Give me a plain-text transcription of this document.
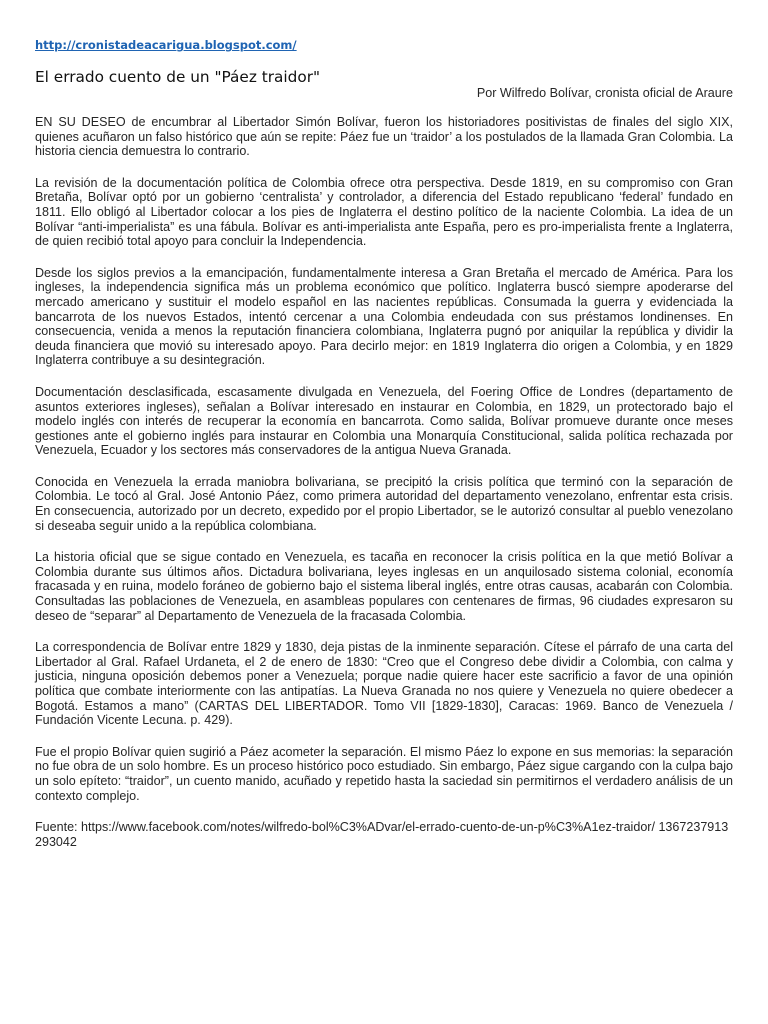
http://cronistadeacarigua.blogspot.com/
El errado cuento de un "Páez traidor"
Por Wilfredo Bolívar, cronista oficial de Araure

EN SU DESEO de encumbrar al Libertador Simón Bolívar, fueron los historiadores positivistas de finales del siglo XIX, quienes acuñaron un falso histórico que aún se repite: Páez fue un ‘traidor’ a los postulados de la llamada Gran Colombia. La historia ciencia demuestra lo contrario.

La revisión de la documentación política de Colombia ofrece otra perspectiva. Desde 1819, en su compromiso con Gran Bretaña, Bolívar optó por un gobierno ‘centralista’ y controlador, a diferencia del Estado republicano ‘federal’ fundado en 1811. Ello obligó al Libertador colocar a los pies de Inglaterra el destino político de la naciente Colombia. La idea de un Bolívar “anti-imperialista” es una fábula. Bolívar es anti-imperialista ante España, pero es pro-imperialista frente a Inglaterra, de quien recibió total apoyo para concluir la Independencia.

Desde los siglos previos a la emancipación, fundamentalmente interesa a Gran Bretaña el mercado de América. Para los ingleses, la independencia significa más un problema económico que político. Inglaterra buscó siempre apoderarse del mercado americano y sustituir el modelo español en las nacientes repúblicas. Consumada la guerra y evidenciada la bancarrota de los nuevos Estados, intentó cercenar a una Colombia endeudada con sus préstamos londinenses. En consecuencia, venida a menos la reputación financiera colombiana, Inglaterra pugnó por aniquilar la república y dividir la deuda financiera que movió su interesado apoyo. Para decirlo mejor: en 1819 Inglaterra dio origen a Colombia, y en 1829 Inglaterra contribuye a su desintegración.

Documentación desclasificada, escasamente divulgada en Venezuela, del Foering Office de Londres (departamento de asuntos exteriores ingleses), señalan a Bolívar interesado en instaurar en Colombia, en 1829, un protectorado bajo el modelo inglés con interés de recuperar la economía en bancarrota. Como salida, Bolívar promueve durante once meses gestiones ante el gobierno inglés para instaurar en Colombia una Monarquía Constitucional, salida política rechazada por Venezuela, Ecuador y los sectores más conservadores de la antigua Nueva Granada.

Conocida en Venezuela la errada maniobra bolivariana, se precipitó la crisis política que terminó con la separación de Colombia. Le tocó al Gral. José Antonio Páez, como primera autoridad del departamento venezolano, enfrentar esta crisis. En consecuencia, autorizado por un decreto, expedido por el propio Libertador, se le autorizó consultar al pueblo venezolano si deseaba seguir unido a la república colombiana.

La historia oficial que se sigue contado en Venezuela, es tacaña en reconocer la crisis política en la que metió Bolívar a Colombia durante sus últimos años. Dictadura bolivariana, leyes inglesas en un anquilosado sistema colonial, economía fracasada y en ruina, modelo foráneo de gobierno bajo el sistema liberal inglés, entre otras causas, acabarán con Colombia. Consultadas las poblaciones de Venezuela, en asambleas populares con centenares de firmas, 96 ciudades expresaron su deseo de “separar” al Departamento de Venezuela de la fracasada Colombia.

La correspondencia de Bolívar entre 1829 y 1830, deja pistas de la inminente separación. Cítese el párrafo de una carta del Libertador al Gral. Rafael Urdaneta, el 2 de enero de 1830: “Creo que el Congreso debe dividir a Colombia, con calma y justicia, ninguna oposición debemos poner a Venezuela; porque nadie quiere hacer este sacrificio a favor de una opinión política que combate interiormente con las antipatías. La Nueva Granada no nos quiere y Venezuela no quiere obedecer a Bogotá. Estamos a mano” (CARTAS DEL LIBERTADOR. Tomo VII [1829-1830], Caracas: 1969. Banco de Venezuela / Fundación Vicente Lecuna. p. 429).

Fue el propio Bolívar quien sugirió a Páez acometer la separación. El mismo Páez lo expone en sus memorias: la separación no fue obra de un solo hombre. Es un proceso histórico poco estudiado. Sin embargo, Páez sigue cargando con la culpa bajo un solo epíteto: “traidor”, un cuento manido, acuñado y repetido hasta la saciedad sin permitirnos el verdadero análisis de un contexto complejo.

Fuente: https://www.facebook.com/notes/wilfredo-bol%C3%ADvar/el-errado-cuento-de-un-p%C3%A1ez-traidor/ 1367237913293042
